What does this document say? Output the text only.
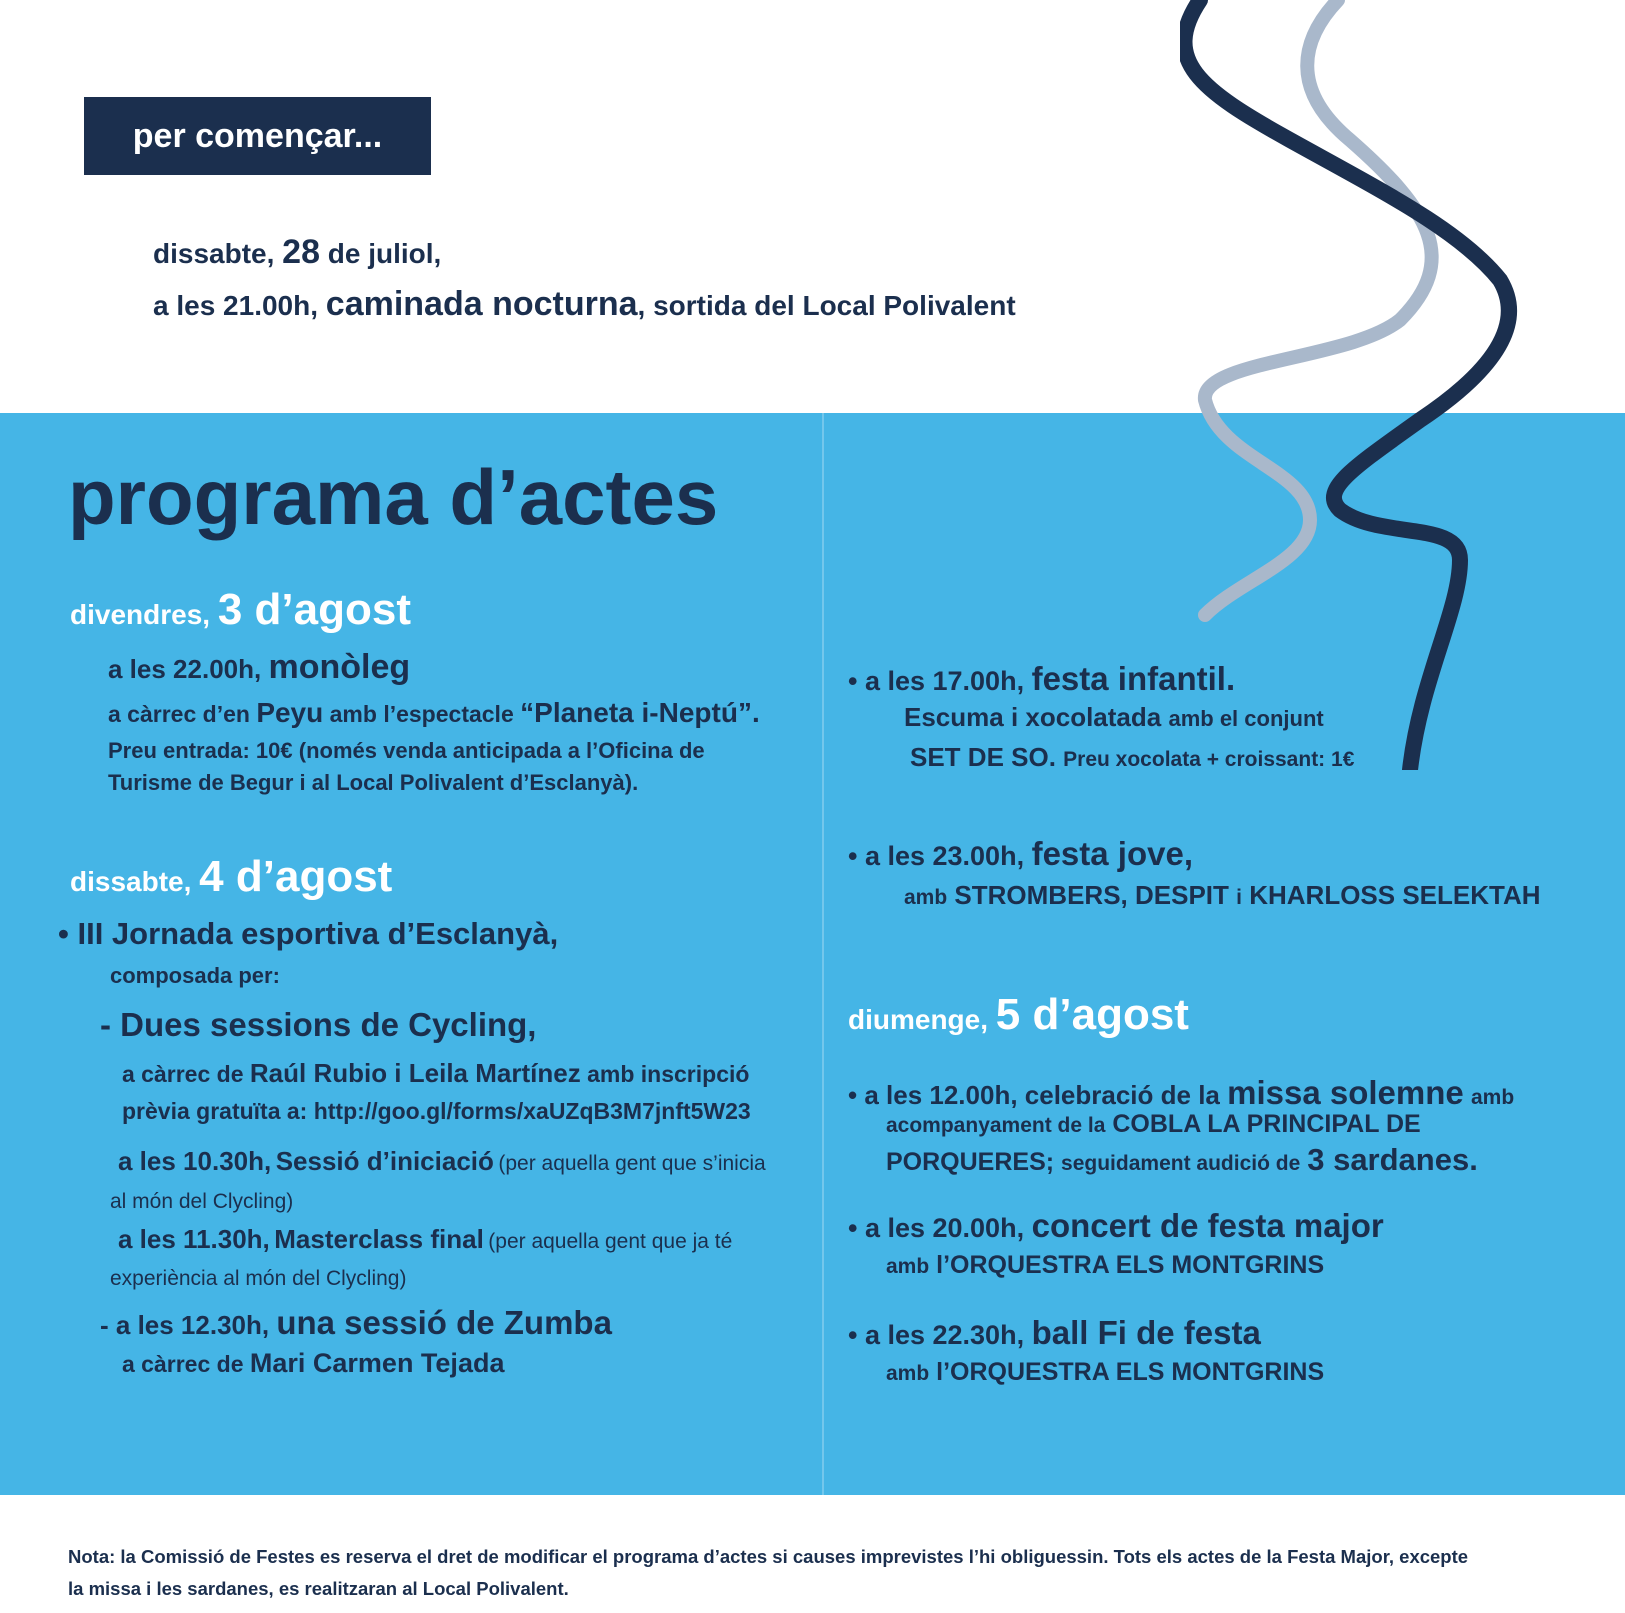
per començar...
dissabte, 28 de juliol,
a les 21.00h, caminada nocturna, sortida del Local Polivalent
programa d’actes
divendres, 3 d’agost
a les 22.00h, monòleg
a càrrec d’en Peyu amb l’espectacle “Planeta i-Neptú”.
Preu entrada: 10€ (només venda anticipada a l’Oficina de
Turisme de Begur i al Local Polivalent d’Esclanyà).
dissabte, 4 d’agost
• III Jornada esportiva d’Esclanyà,
composada per:
- Dues sessions de Cycling,
a càrrec de Raúl Rubio i Leila Martínez amb inscripció
prèvia gratuïta a: http://goo.gl/forms/xaUZqB3M7jnft5W23
a les 10.30h, Sessió d’iniciació (per aquella gent que s’inicia
al món del Clycling)
a les 11.30h, Masterclass final (per aquella gent que ja té
experiència al món del Clycling)
- a les 12.30h, una sessió de Zumba
a càrrec de Mari Carmen Tejada
• a les 17.00h, festa infantil.
Escuma i xocolatada amb el conjunt
SET DE SO. Preu xocolata + croissant: 1€
• a les 23.00h, festa jove,
amb STROMBERS, DESPIT i KHARLOSS SELEKTAH
diumenge, 5 d’agost
• a les 12.00h, celebració de la missa solemne amb
acompanyament de la COBLA LA PRINCIPAL DE
PORQUERES; seguidament audició de 3 sardanes.
• a les 20.00h, concert de festa major
amb l’ORQUESTRA ELS MONTGRINS
• a les 22.30h, ball Fi de festa
amb l’ORQUESTRA ELS MONTGRINS
Nota: la Comissió de Festes es reserva el dret de modificar el programa d’actes si causes imprevistes l’hi obliguessin. Tots els actes de la Festa Major, excepte
la missa i les sardanes, es realitzaran al Local Polivalent.
